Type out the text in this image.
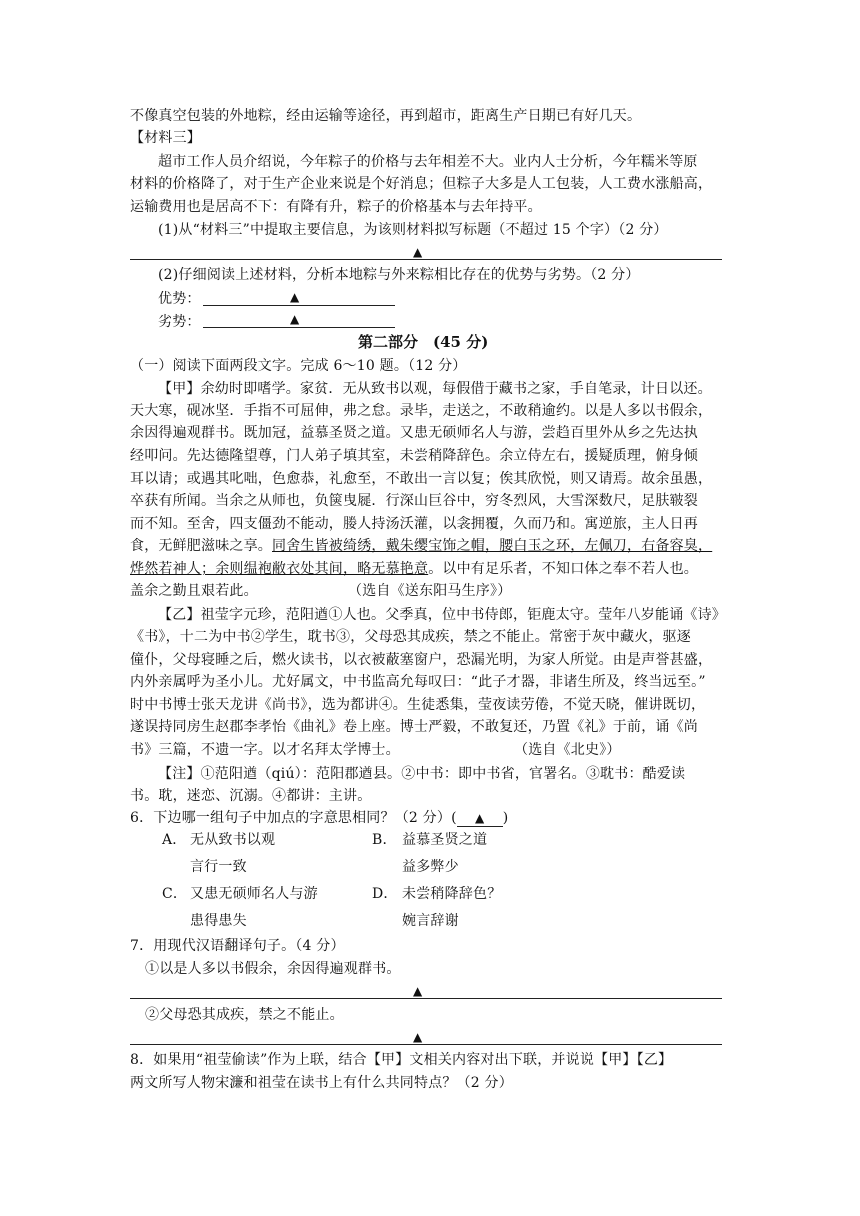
不像真空包装的外地粽，经由运输等途径，再到超市，距离生产日期已有好几天。
【材料三】
超市工作人员介绍说，今年粽子的价格与去年相差不大。业内人士分析，今年糯米等原
材料的价格降了，对于生产企业来说是个好消息；但粽子大多是人工包装，人工费水涨船高，
运输费用也是居高不下：有降有升，粽子的价格基本与去年持平。
(1)从“材料三”中提取主要信息，为该则材料拟写标题（不超过 15 个字）（2 分）
▲
(2)仔细阅读上述材料，分析本地粽与外来粽相比存在的优势与劣势。（2 分）
优势：	▲
劣势：	▲
第二部分　(45 分)
（一）阅读下面两段文字。完成 6～10 题。（12 分）
【甲】余幼时即嗜学。家贫．无从致书以观，每假借于藏书之家，手自笔录，计日以还。
天大寒，砚冰坚．手指不可屈伸，弗之怠。录毕，走送之，不敢稍逾约。以是人多以书假余，
余因得遍观群书。既加冠，益慕圣贤之道。又患无硕师名人与游，尝趋百里外从乡之先达执
经叩问。先达德隆望尊，门人弟子填其室，未尝稍降辞色。余立侍左右，援疑质理，俯身倾
耳以请；或遇其叱咄，色愈恭，礼愈至，不敢出一言以复；俟其欣悦，则又请焉。故余虽愚，
卒获有所闻。当余之从师也，负箧曳屣．行深山巨谷中，穷冬烈风，大雪深数尺，足肤皲裂
而不知。至舍，四支僵劲不能动，媵人持汤沃灌，以衾拥覆，久而乃和。寓逆旅，主人日再
食，无鲜肥滋味之享。同舍生皆被绮绣，戴朱缨宝饰之帽，腰白玉之环，左佩刀，右备容臭，
烨然若神人；余则缊袍敝衣处其间，略无慕艳意。以中有足乐者，不知口体之奉不若人也。
盖余之勤且艰若此。	（选自《送东阳马生序》）
【乙】祖莹字元珍，范阳遒①人也。父季真，位中书侍郎，钜鹿太守。莹年八岁能诵《诗》
《书》，十二为中书②学生，耽书③，父母恐其成疾，禁之不能止。常密于灰中藏火，驱逐
僮仆，父母寝睡之后，燃火读书，以衣被蔽塞窗户，恐漏光明，为家人所觉。由是声誉甚盛，
内外亲属呼为圣小儿。尤好属文，中书监高允每叹曰：“此子才器，非诸生所及，终当远至。”
时中书博士张天龙讲《尚书》，选为都讲④。生徒悉集，莹夜读劳倦，不觉天晓，催讲既切，
遂误持同房生赵郡李孝怡《曲礼》卷上座。博士严毅，不敢复还，乃置《礼》于前，诵《尚
书》三篇，不遗一字。以才名拜太学博士。	（选自《北史》）
【注】①范阳遒（qiú）：范阳郡遒县。②中书：即中书省，官署名。③耽书：酷爱读
书。耽，迷恋、沉溺。④都讲：主讲。
6．下边哪一组句子中加点的字意思相同？（2 分）( ▲ )
A． 无从致书以观	B． 益慕圣贤之道
言行一致	益多弊少
C． 又患无硕师名人与游	D． 未尝稍降辞色？
患得患失	婉言辞谢
7．用现代汉语翻译句子。（4 分）
①以是人多以书假余，余因得遍观群书。
▲
②父母恐其成疾，禁之不能止。
▲
8．如果用“祖莹偷读”作为上联，结合【甲】文相关内容对出下联，并说说【甲】【乙】
两文所写人物宋濂和祖莹在读书上有什么共同特点？（2 分）
